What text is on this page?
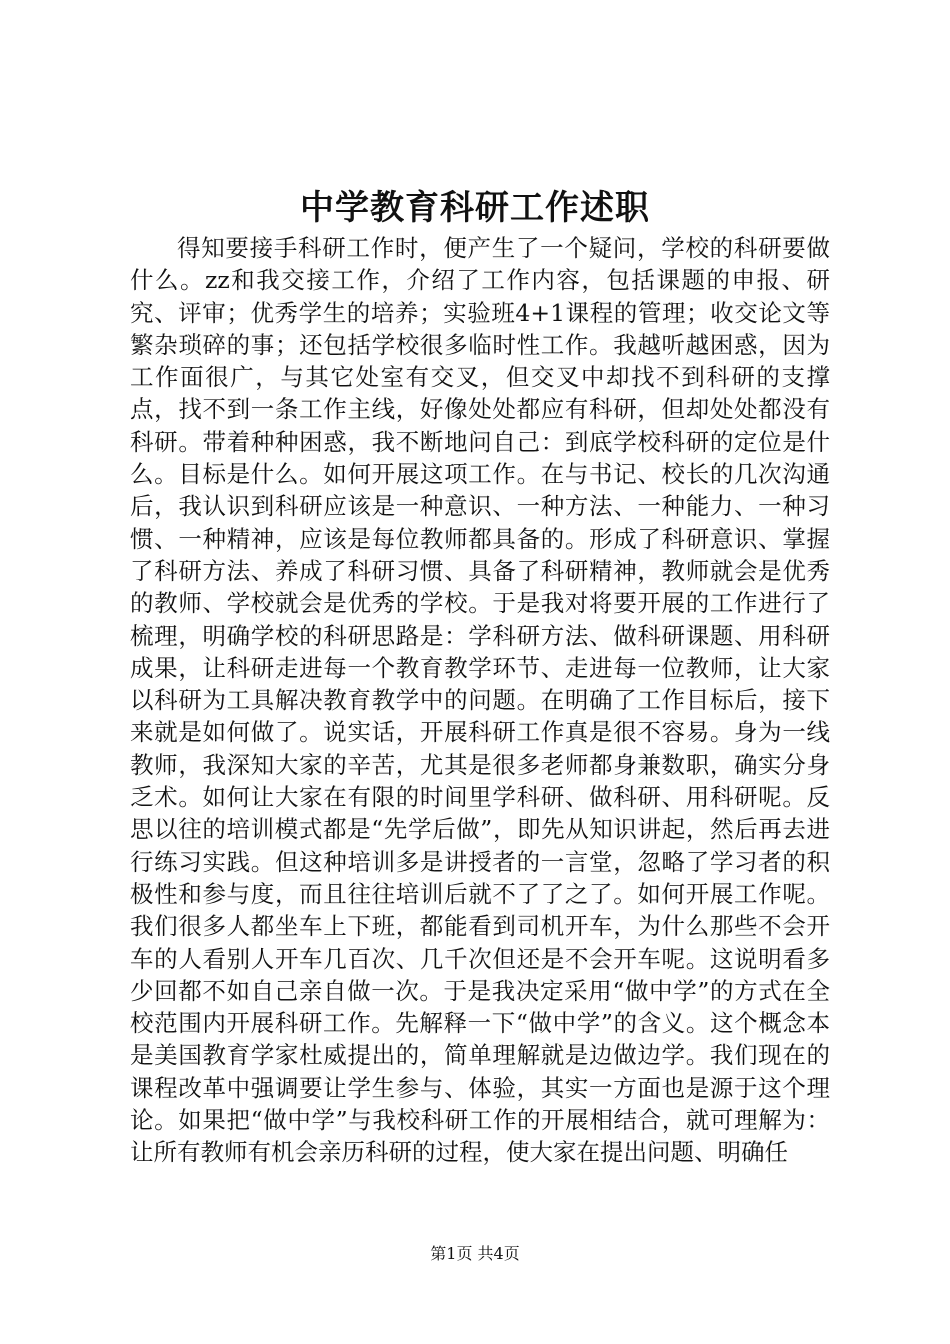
中学教育科研工作述职

得知要接手科研工作时，便产生了一个疑问，学校的科研要做什么。zz和我交接工作，介绍了工作内容，包括课题的申报、研究、评审；优秀学生的培养；实验班4+1课程的管理；收交论文等繁杂琐碎的事；还包括学校很多临时性工作。我越听越困惑，因为工作面很广，与其它处室有交叉，但交叉中却找不到科研的支撑点，找不到一条工作主线，好像处处都应有科研，但却处处都没有科研。带着种种困惑，我不断地问自己：到底学校科研的定位是什么。目标是什么。如何开展这项工作。在与书记、校长的几次沟通后，我认识到科研应该是一种意识、一种方法、一种能力、一种习惯、一种精神，应该是每位教师都具备的。形成了科研意识、掌握了科研方法、养成了科研习惯、具备了科研精神，教师就会是优秀的教师、学校就会是优秀的学校。于是我对将要开展的工作进行了梳理，明确学校的科研思路是：学科研方法、做科研课题、用科研成果，让科研走进每一个教育教学环节、走进每一位教师，让大家以科研为工具解决教育教学中的问题。在明确了工作目标后，接下来就是如何做了。说实话，开展科研工作真是很不容易。身为一线教师，我深知大家的辛苦，尤其是很多老师都身兼数职，确实分身乏术。如何让大家在有限的时间里学科研、做科研、用科研呢。反思以往的培训模式都是“先学后做”，即先从知识讲起，然后再去进行练习实践。但这种培训多是讲授者的一言堂，忽略了学习者的积极性和参与度，而且往往培训后就不了了之了。如何开展工作呢。我们很多人都坐车上下班，都能看到司机开车，为什么那些不会开车的人看别人开车几百次、几千次但还是不会开车呢。这说明看多少回都不如自己亲自做一次。于是我决定采用“做中学”的方式在全校范围内开展科研工作。先解释一下“做中学”的含义。这个概念本是美国教育学家杜威提出的，简单理解就是边做边学。我们现在的课程改革中强调要让学生参与、体验，其实一方面也是源于这个理论。如果把“做中学”与我校科研工作的开展相结合，就可理解为：让所有教师有机会亲历科研的过程，使大家在提出问题、明确任

第1页 共4页
